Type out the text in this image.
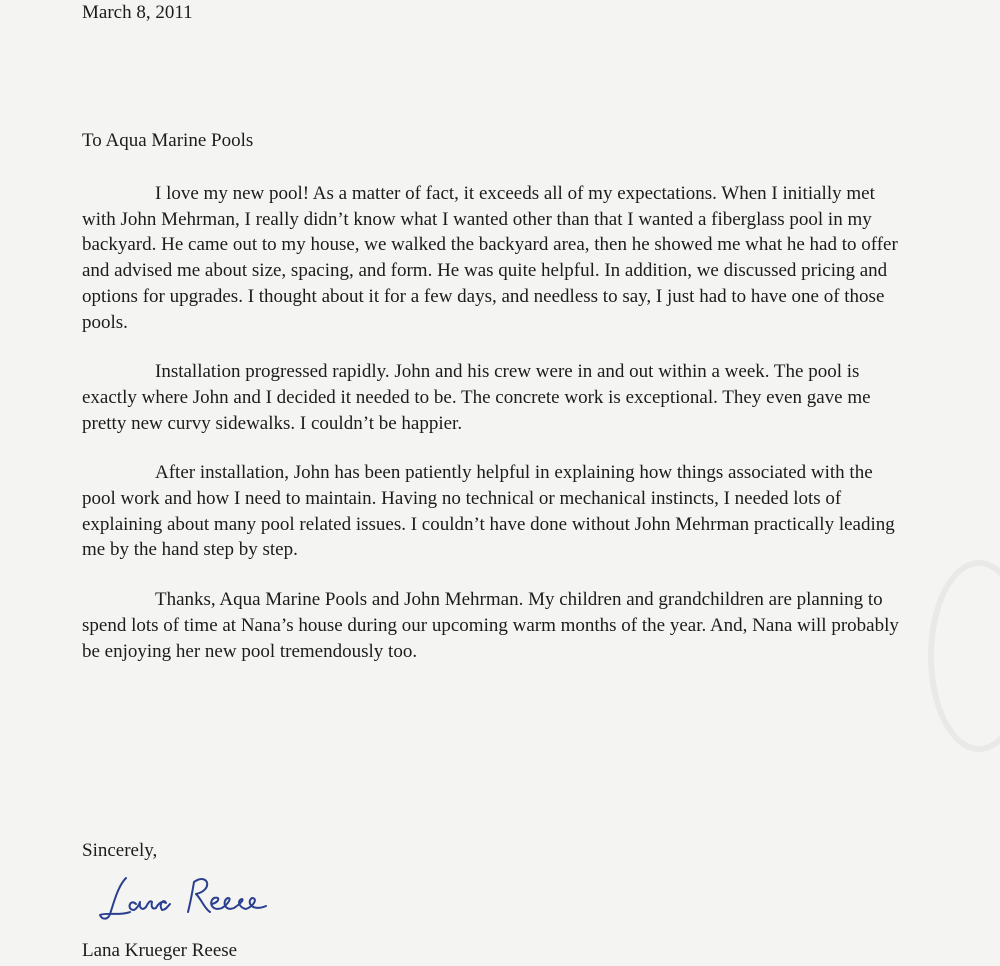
March 8, 2011
To Aqua Marine Pools

I love my new pool! As a matter of fact, it exceeds all of my expectations. When I initially met with John Mehrman, I really didn’t know what I wanted other than that I wanted a fiberglass pool in my backyard. He came out to my house, we walked the backyard area, then he showed me what he had to offer and advised me about size, spacing, and form. He was quite helpful. In addition, we discussed pricing and options for upgrades. I thought about it for a few days, and needless to say, I just had to have one of those pools.

Installation progressed rapidly. John and his crew were in and out within a week. The pool is exactly where John and I decided it needed to be. The concrete work is exceptional. They even gave me pretty new curvy sidewalks. I couldn’t be happier.

After installation, John has been patiently helpful in explaining how things associated with the pool work and how I need to maintain. Having no technical or mechanical instincts, I needed lots of explaining about many pool related issues. I couldn’t have done without John Mehrman practically leading me by the hand step by step.

Thanks, Aqua Marine Pools and John Mehrman. My children and grandchildren are planning to spend lots of time at Nana’s house during our upcoming warm months of the year. And, Nana will probably be enjoying her new pool tremendously too.

Sincerely,
Lana Krueger Reese
